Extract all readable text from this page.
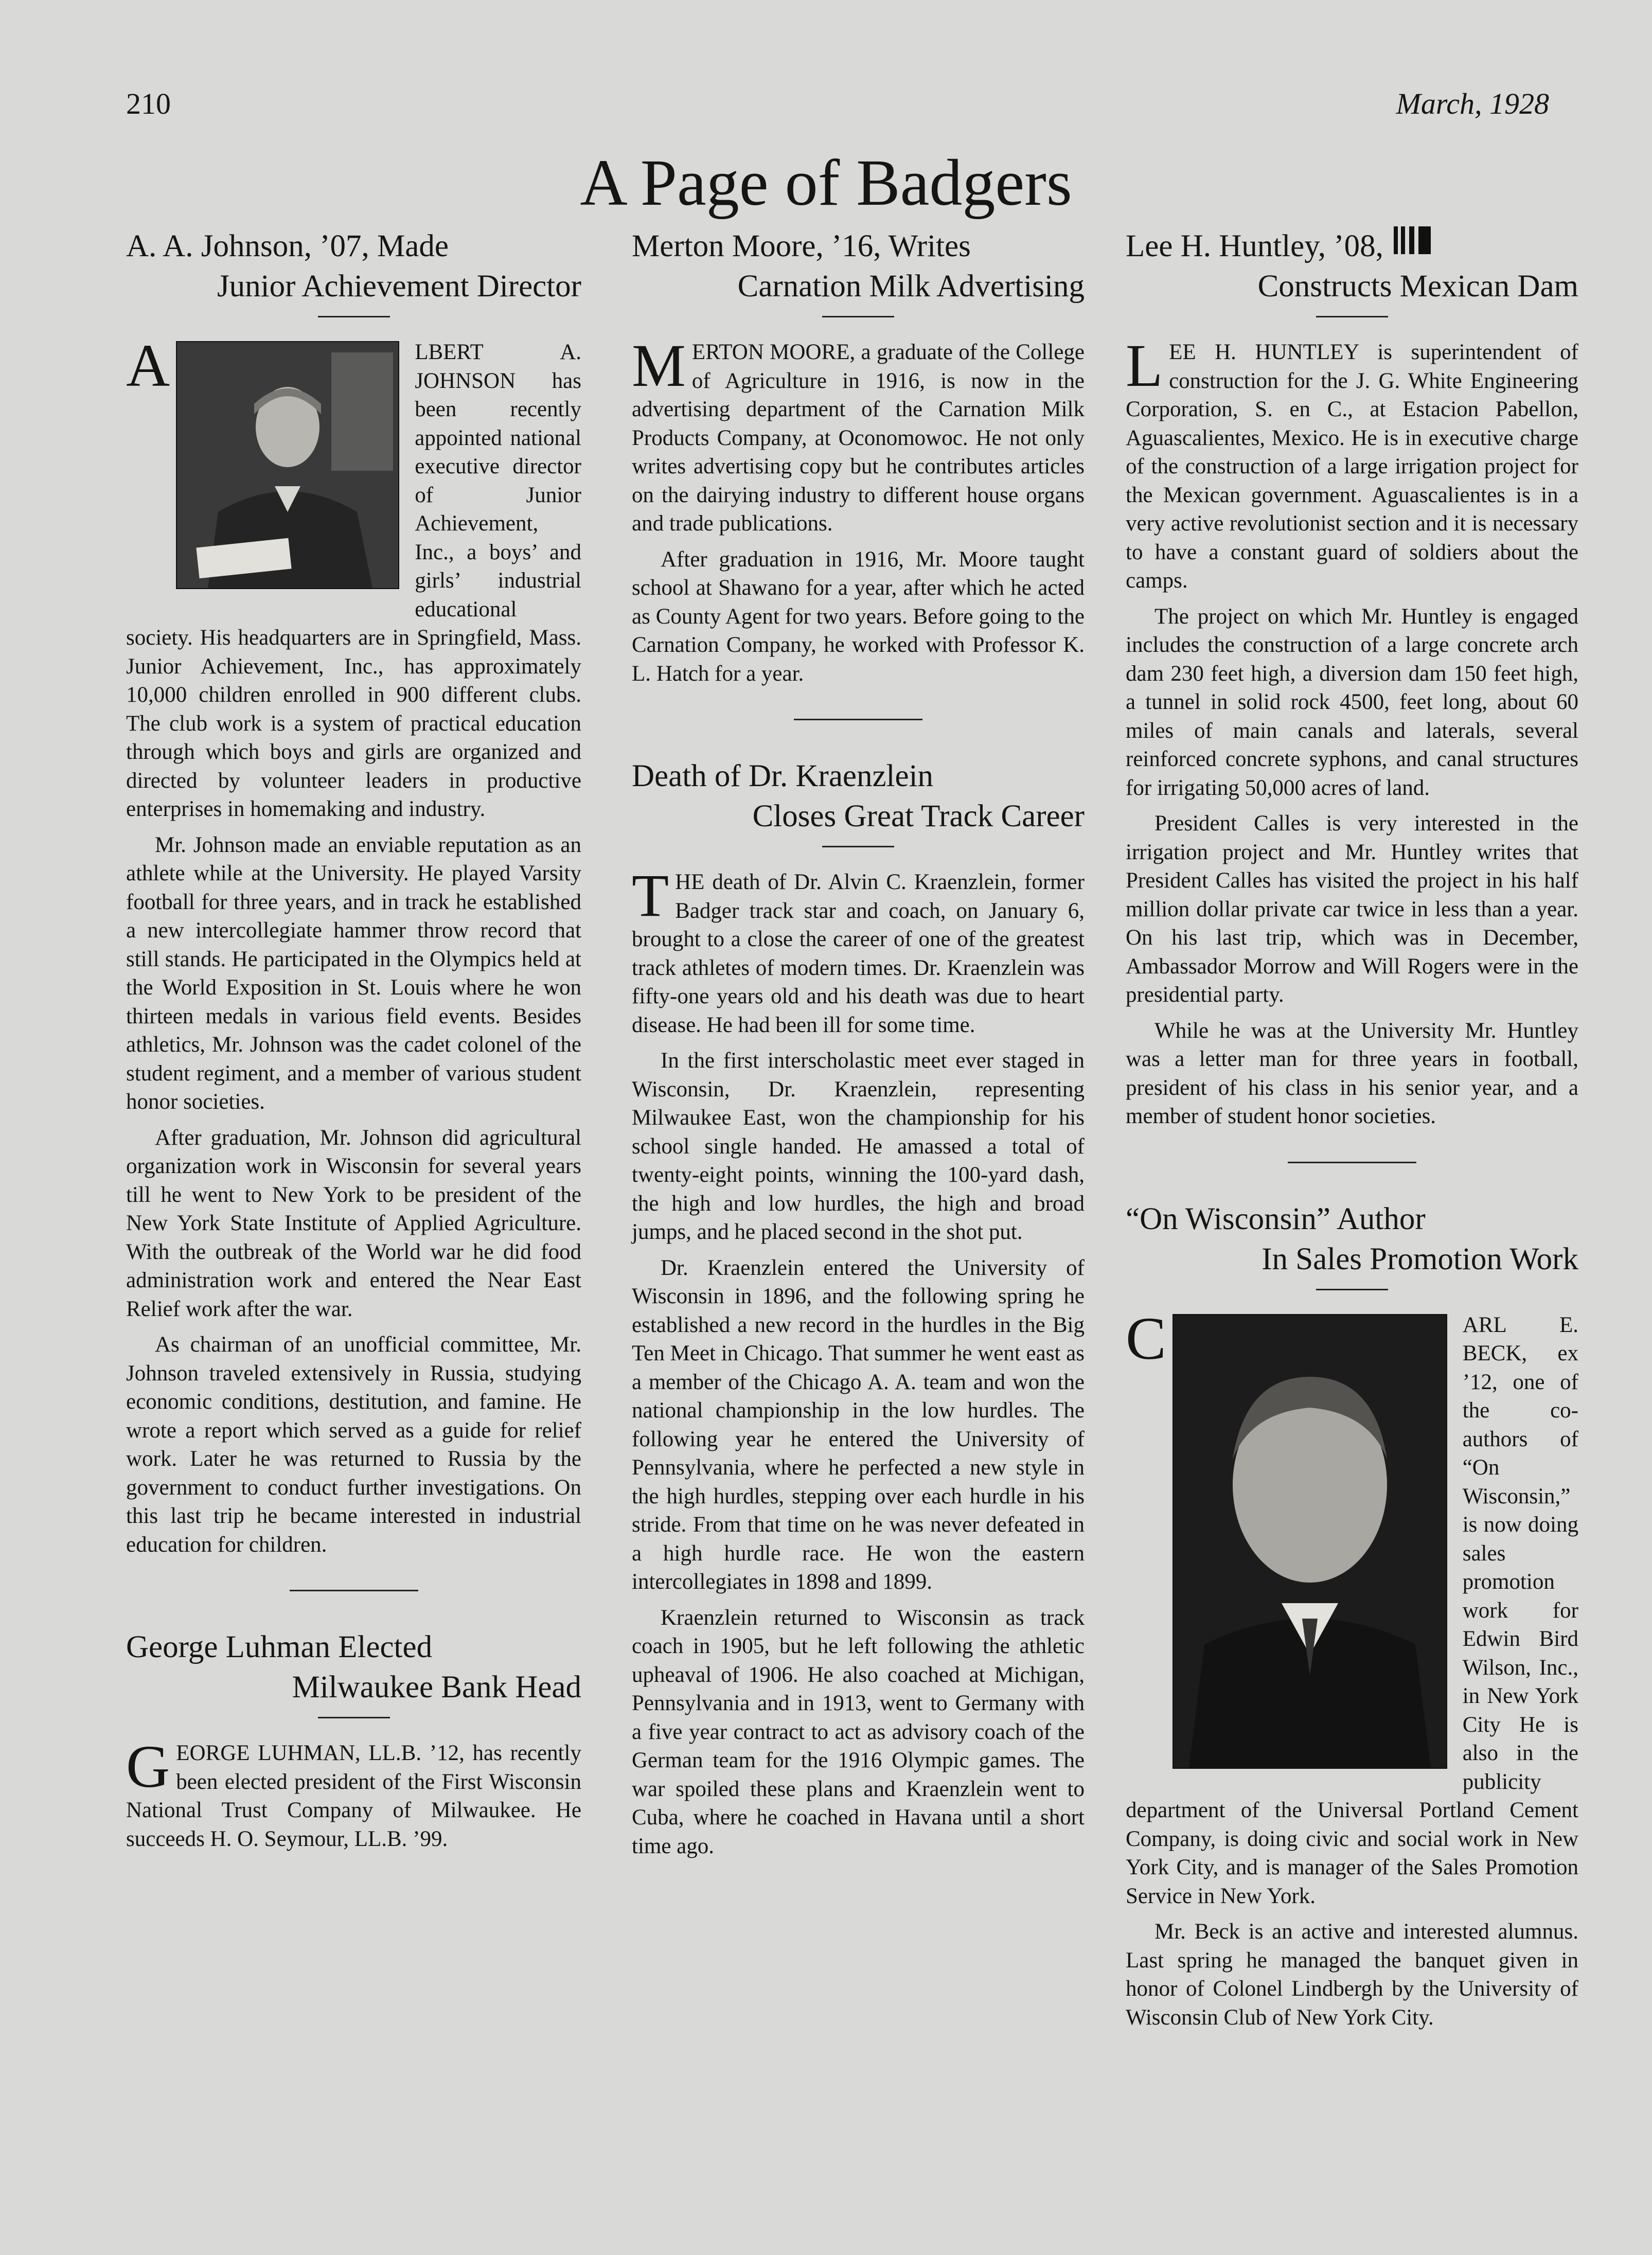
210	March, 1928
A Page of Badgers
A. A. Johnson, ’07, Made
Junior Achievement Director

A	LBERT A. JOHNSON has been recently appointed national executive director of Junior Achievement, Inc., a boys’ and girls’ industrial educational society. His headquarters are in Springfield, Mass. Junior Achievement, Inc., has approximately 10,000 children enrolled in 900 different clubs. The club work is a system of practical education through which boys and girls are organized and directed by volunteer leaders in productive enterprises in homemaking and industry.

Mr. Johnson made an enviable reputation as an athlete while at the University. He played Varsity football for three years, and in track he established a new intercollegiate hammer throw record that still stands. He participated in the Olympics held at the World Exposition in St. Louis where he won thirteen medals in various field events. Besides athletics, Mr. Johnson was the cadet colonel of the student regiment, and a member of various student honor societies.

After graduation, Mr. Johnson did agricultural organization work in Wisconsin for several years till he went to New York to be president of the New York State Institute of Applied Agriculture. With the outbreak of the World war he did food administration work and entered the Near East Relief work after the war.

As chairman of an unofficial committee, Mr. Johnson traveled extensively in Russia, studying economic conditions, destitution, and famine. He wrote a report which served as a guide for relief work. Later he was returned to Russia by the government to conduct further investigations. On this last trip he became interested in industrial education for children.

George Luhman Elected
Milwaukee Bank Head

GEORGE LUHMAN, LL.B. ’12, has recently been elected president of the First Wisconsin National Trust Company of Milwaukee. He succeeds H. O. Seymour, LL.B. ’99.

Merton Moore, ’16, Writes
Carnation Milk Advertising

MERTON MOORE, a graduate of the College of Agriculture in 1916, is now in the advertising department of the Carnation Milk Products Company, at Oconomowoc. He not only writes advertising copy but he contributes articles on the dairying industry to different house organs and trade publications.

After graduation in 1916, Mr. Moore taught school at Shawano for a year, after which he acted as County Agent for two years. Before going to the Carnation Company, he worked with Professor K. L. Hatch for a year.

Death of Dr. Kraenzlein
Closes Great Track Career

THE death of Dr. Alvin C. Kraenzlein, former Badger track star and coach, on January 6, brought to a close the career of one of the greatest track athletes of modern times. Dr. Kraenzlein was fifty-one years old and his death was due to heart disease. He had been ill for some time.

In the first interscholastic meet ever staged in Wisconsin, Dr. Kraenzlein, representing Milwaukee East, won the championship for his school single handed. He amassed a total of twenty-eight points, winning the 100-yard dash, the high and low hurdles, the high and broad jumps, and he placed second in the shot put.

Dr. Kraenzlein entered the University of Wisconsin in 1896, and the following spring he established a new record in the hurdles in the Big Ten Meet in Chicago. That summer he went east as a member of the Chicago A. A. team and won the national championship in the low hurdles. The following year he entered the University of Pennsylvania, where he perfected a new style in the high hurdles, stepping over each hurdle in his stride. From that time on he was never defeated in a high hurdle race. He won the eastern intercollegiates in 1898 and 1899.

Kraenzlein returned to Wisconsin as track coach in 1905, but he left following the athletic upheaval of 1906. He also coached at Michigan, Pennsylvania and in 1913, went to Germany with a five year contract to act as advisory coach of the German team for the 1916 Olympic games. The war spoiled these plans and Kraenzlein went to Cuba, where he coached in Havana until a short time ago.

Lee H. Huntley, ’08,
Constructs Mexican Dam

LEE H. HUNTLEY is superintendent of construction for the J. G. White Engineering Corporation, S. en C., at Estacion Pabellon, Aguascalientes, Mexico. He is in executive charge of the construction of a large irrigation project for the Mexican government. Aguascalientes is in a very active revolutionist section and it is necessary to have a constant guard of soldiers about the camps.

The project on which Mr. Huntley is engaged includes the construction of a large concrete arch dam 230 feet high, a diversion dam 150 feet high, a tunnel in solid rock 4500, feet long, about 60 miles of main canals and laterals, several reinforced concrete syphons, and canal structures for irrigating 50,000 acres of land.

President Calles is very interested in the irrigation project and Mr. Huntley writes that President Calles has visited the project in his half million dollar private car twice in less than a year. On his last trip, which was in December, Ambassador Morrow and Will Rogers were in the presidential party.

While he was at the University Mr. Huntley was a letter man for three years in football, president of his class in his senior year, and a member of student honor societies.

“On Wisconsin” Author
In Sales Promotion Work

C	ARL E. BECK, ex ’12, one of the co-authors of “On Wisconsin,” is now doing sales promotion work for Edwin Bird Wilson, Inc., in New York City He is also in the publicity department of the Universal Portland Cement Company, is doing civic and social work in New York City, and is manager of the Sales Promotion Service in New York.

Mr. Beck is an active and interested alumnus. Last spring he managed the banquet given in honor of Colonel Lindbergh by the University of Wisconsin Club of New York City.
